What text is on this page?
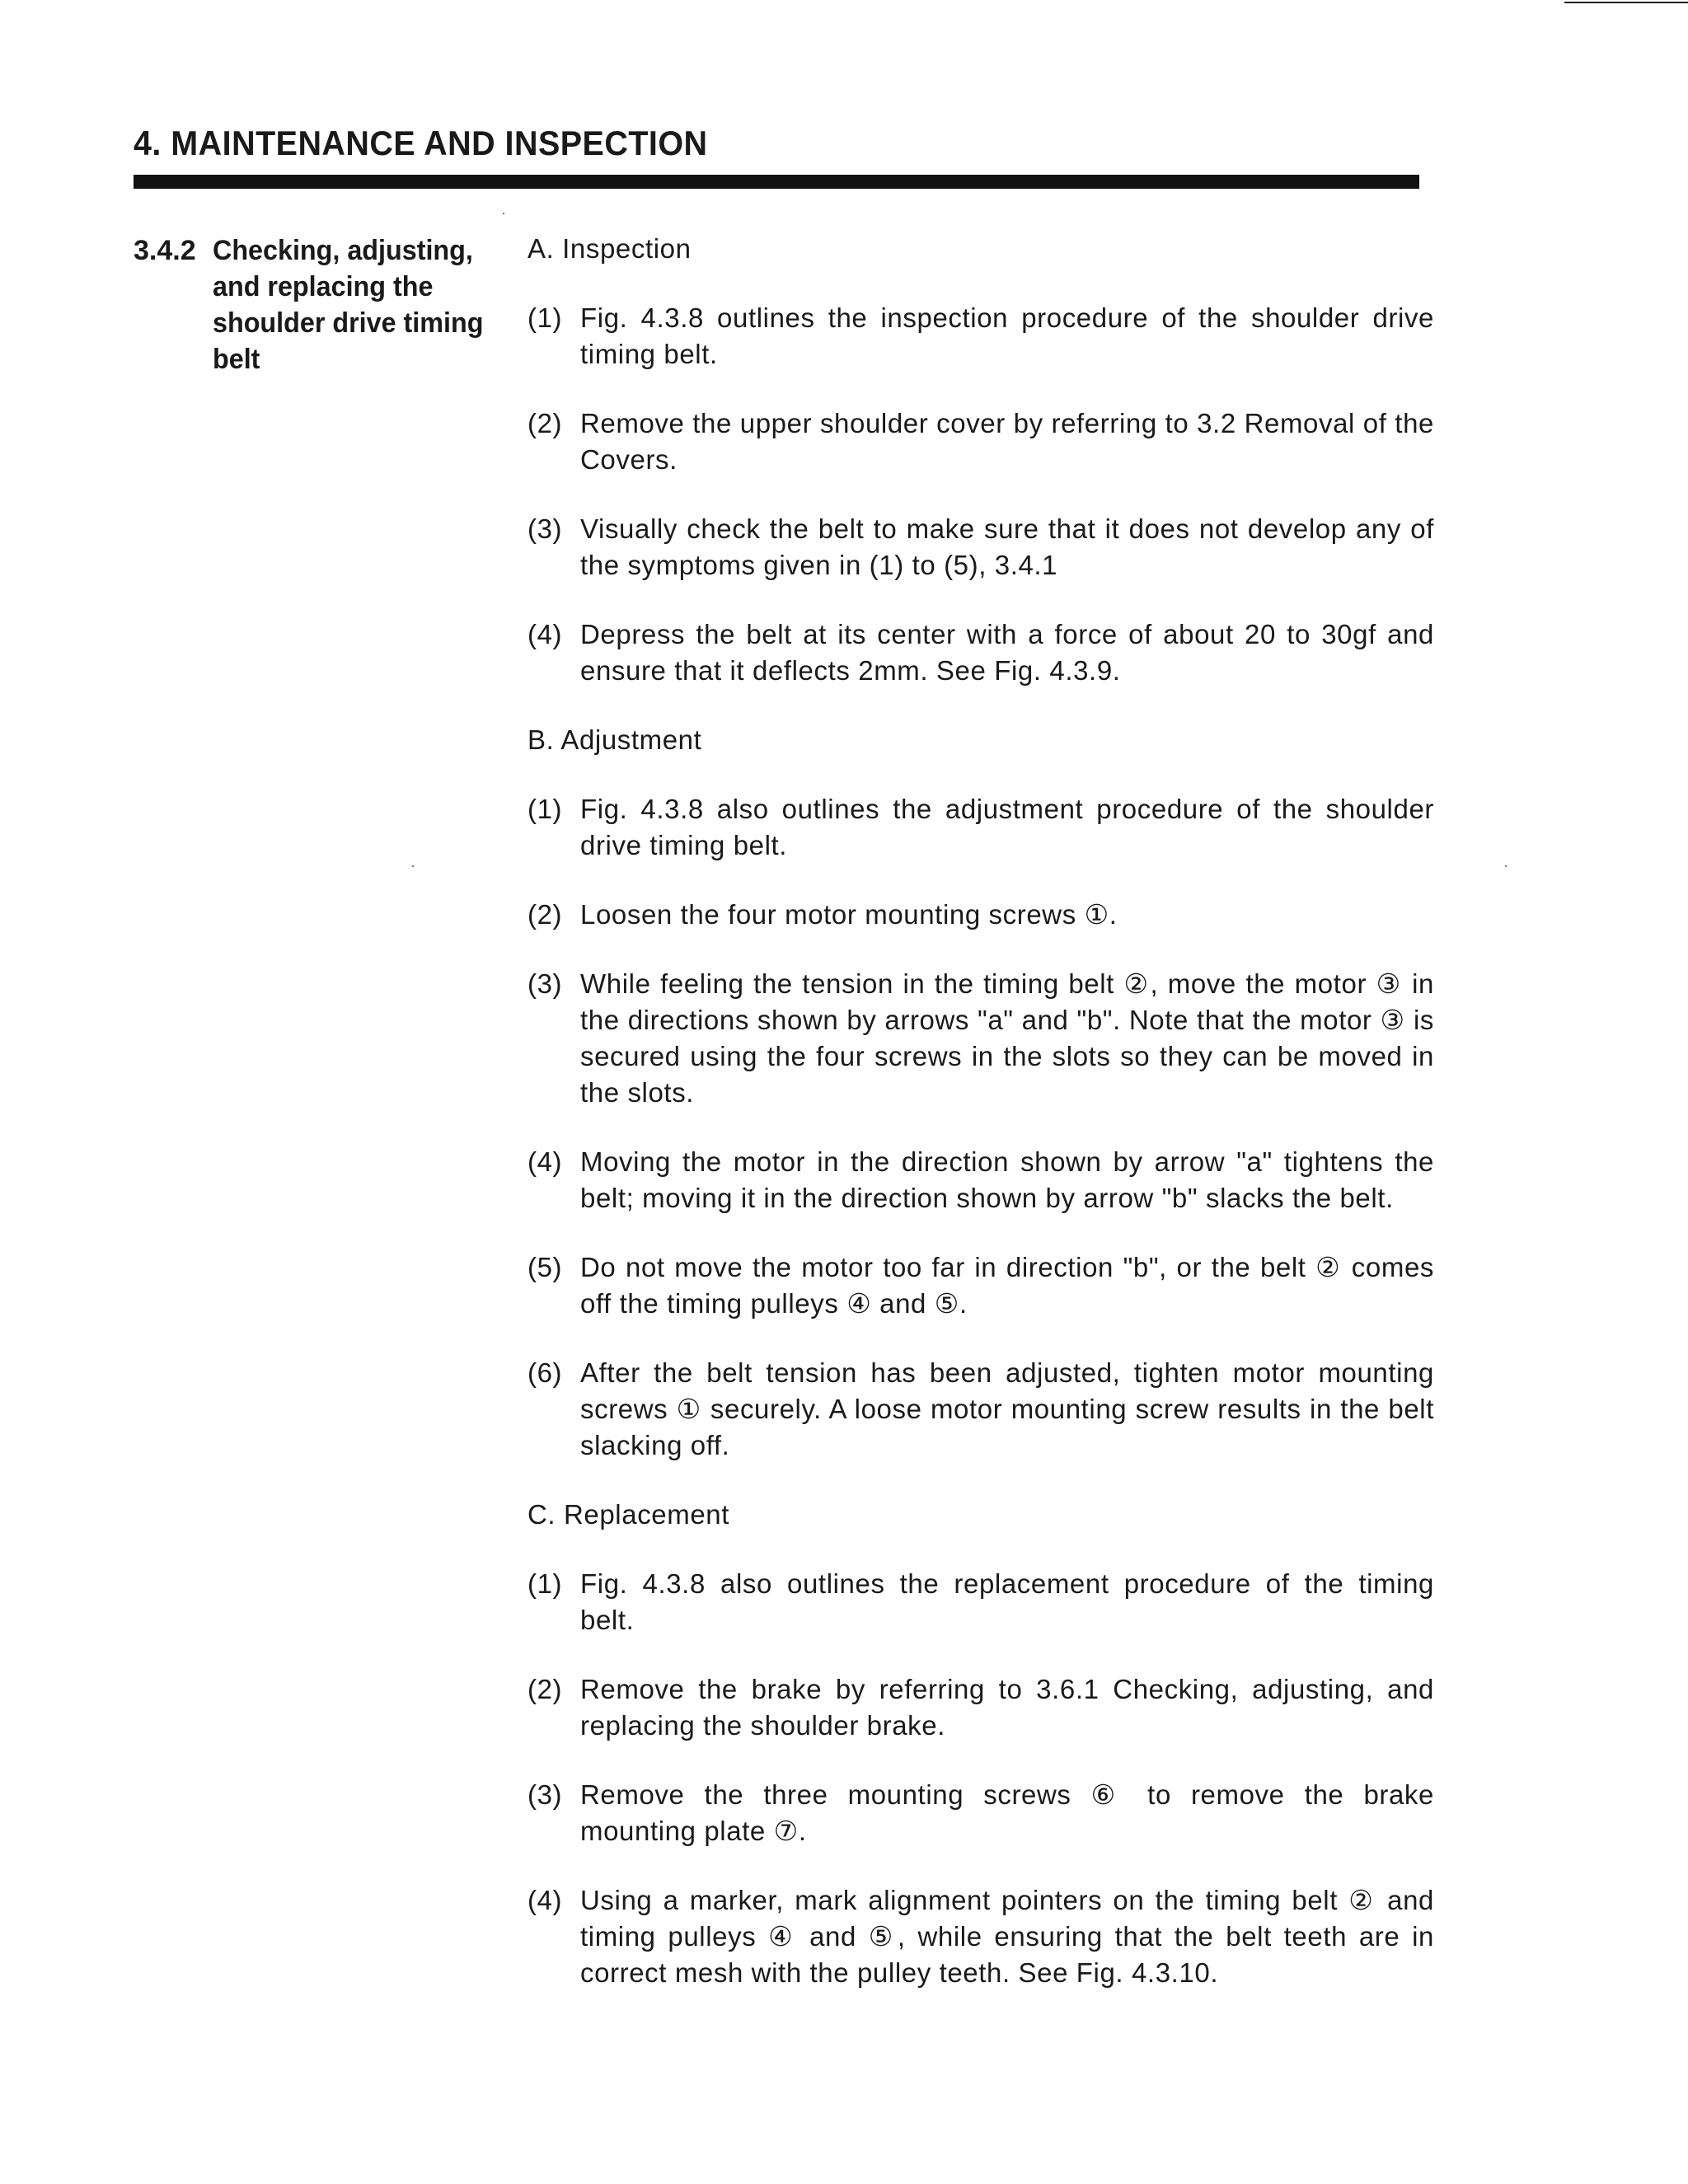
4. MAINTENANCE AND INSPECTION
3.4.2 Checking, adjusting,
and replacing the
shoulder drive timing
belt
A. Inspection
(1) Fig. 4.3.8 outlines the inspection procedure of the shoulder drive timing belt.
(2) Remove the upper shoulder cover by referring to 3.2 Removal of the Covers.
(3) Visually check the belt to make sure that it does not develop any of the symptoms given in (1) to (5), 3.4.1
(4) Depress the belt at its center with a force of about 20 to 30gf and ensure that it deflects 2mm. See Fig. 4.3.9.
B. Adjustment
(1) Fig. 4.3.8 also outlines the adjustment procedure of the shoulder drive timing belt.
(2) Loosen the four motor mounting screws ①.
(3) While feeling the tension in the timing belt ②, move the motor ③ in the directions shown by arrows "a" and "b". Note that the motor ③ is secured using the four screws in the slots so they can be moved in the slots.
(4) Moving the motor in the direction shown by arrow "a" tightens the belt; moving it in the direction shown by arrow "b" slacks the belt.
(5) Do not move the motor too far in direction "b", or the belt ② comes off the timing pulleys ④ and ⑤.
(6) After the belt tension has been adjusted, tighten motor mounting screws ① securely. A loose motor mounting screw results in the belt slacking off.
C. Replacement
(1) Fig. 4.3.8 also outlines the replacement procedure of the timing belt.
(2) Remove the brake by referring to 3.6.1 Checking, adjusting, and replacing the shoulder brake.
(3) Remove the three mounting screws ⑥ to remove the brake mounting plate ⑦.
(4) Using a marker, mark alignment pointers on the timing belt ② and timing pulleys ④ and ⑤, while ensuring that the belt teeth are in correct mesh with the pulley teeth. See Fig. 4.3.10.
